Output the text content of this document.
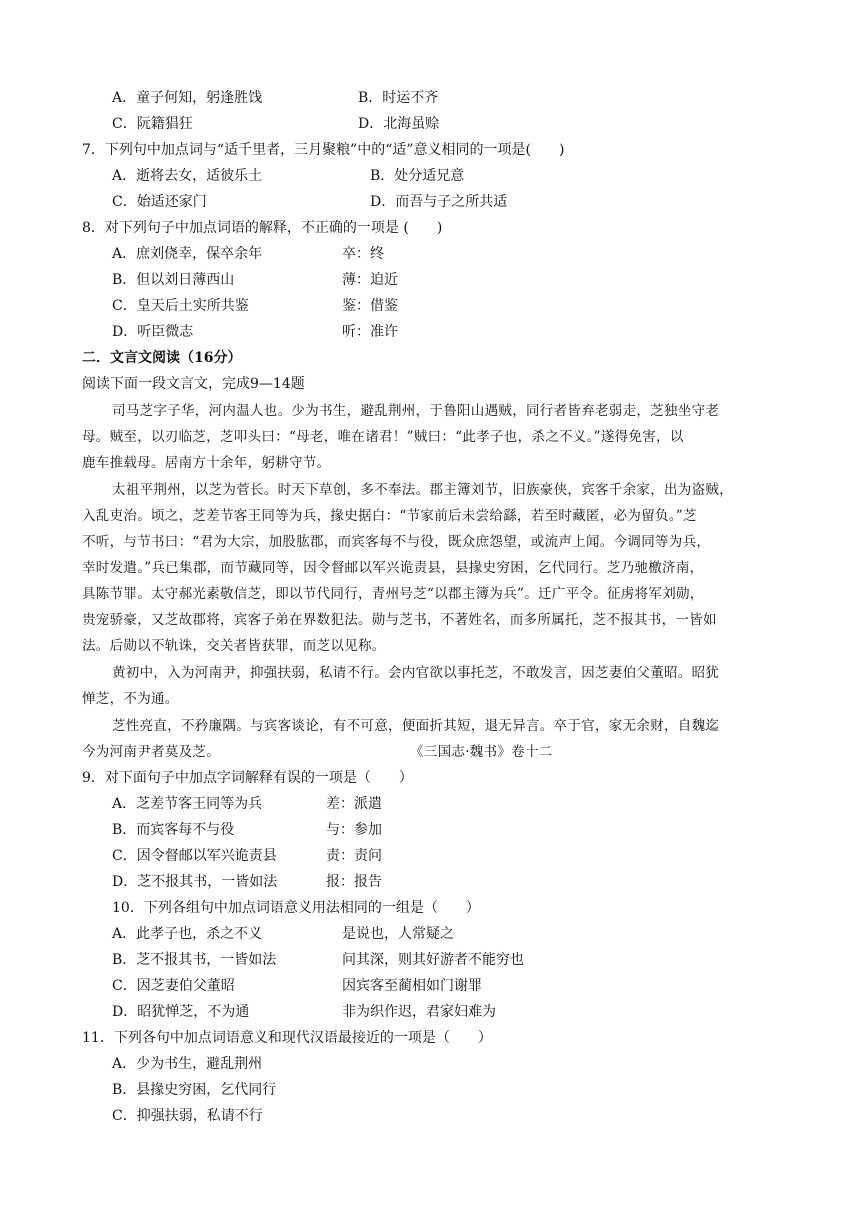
A．童子何知，躬逢胜饯	B．时运不齐
C．阮籍猖狂	D．北海虽赊
7．下列句中加点词与“适千里者，三月聚粮”中的“适”意义相同的一项是(　　)
A．逝将去女，适彼乐土	B．处分适兄意
C．始适还家门	D．而吾与子之所共适
8．对下列句子中加点词语的解释，不正确的一项是 (　　)
A．庶刘侥幸，保卒余年	卒：终
B．但以刘日薄西山	薄：迫近
C．皇天后土实所共鉴	鉴：借鉴
D．听臣微志	听：准许
二．文言文阅读（16分）
阅读下面一段文言文，完成9—14题
司马芝字子华，河内温人也。少为书生，避乱荆州，于鲁阳山遇贼，同行者皆弃老弱走，芝独坐守老
母。贼至，以刃临芝，芝叩头曰：“母老，唯在诸君！”贼曰：“此孝子也，杀之不义。”遂得免害，以
鹿车推载母。居南方十余年，躬耕守节。
太祖平荆州，以芝为菅长。时天下草创，多不奉法。郡主簿刘节，旧族豪侠，宾客千余家，出为盗贼，
入乱吏治。顷之，芝差节客王同等为兵，掾史据白：“节家前后未尝给繇，若至时藏匿，必为留负。”芝
不听，与节书曰：“君为大宗，加股肱郡，而宾客每不与役，既众庶怨望，或流声上闻。今调同等为兵，
幸时发遣。”兵已集郡，而节藏同等，因令督邮以军兴诡责县，县掾史穷困，乞代同行。芝乃驰檄济南，
具陈节罪。太守郝光素敬信芝，即以节代同行，青州号芝“以郡主簿为兵”。迁广平令。征虏将军刘勋，
贵宠骄豪，又芝故郡将，宾客子弟在界数犯法。勋与芝书，不著姓名，而多所属托，芝不报其书，一皆如
法。后勋以不轨诛，交关者皆获罪，而芝以见称。
黄初中，入为河南尹，抑强扶弱，私请不行。会内官欲以事托芝，不敢发言，因芝妻伯父董昭。昭犹
惮芝，不为通。
芝性亮直，不矜廉隅。与宾客谈论，有不可意，便面折其短，退无异言。卒于官，家无余财，自魏迄
今为河南尹者莫及芝。	《三国志·魏书》卷十二
9．对下面句子中加点字词解释有误的一项是（　　）
A．芝差节客王同等为兵	差：派遣
B．而宾客每不与役	与：参加
C．因令督邮以军兴诡责县	责：责问
D．芝不报其书，一皆如法	报：报告
10．下列各组句中加点词语意义用法相同的一组是（　　）
A．此孝子也，杀之不义	是说也，人常疑之
B．芝不报其书，一皆如法	问其深，则其好游者不能穷也
C．因芝妻伯父董昭	因宾客至蔺相如门谢罪
D．昭犹惮芝，不为通	非为织作迟，君家妇难为
11．下列各句中加点词语意义和现代汉语最接近的一项是（　　）
A．少为书生，避乱荆州
B．县掾史穷困，乞代同行
C．抑强扶弱，私请不行
